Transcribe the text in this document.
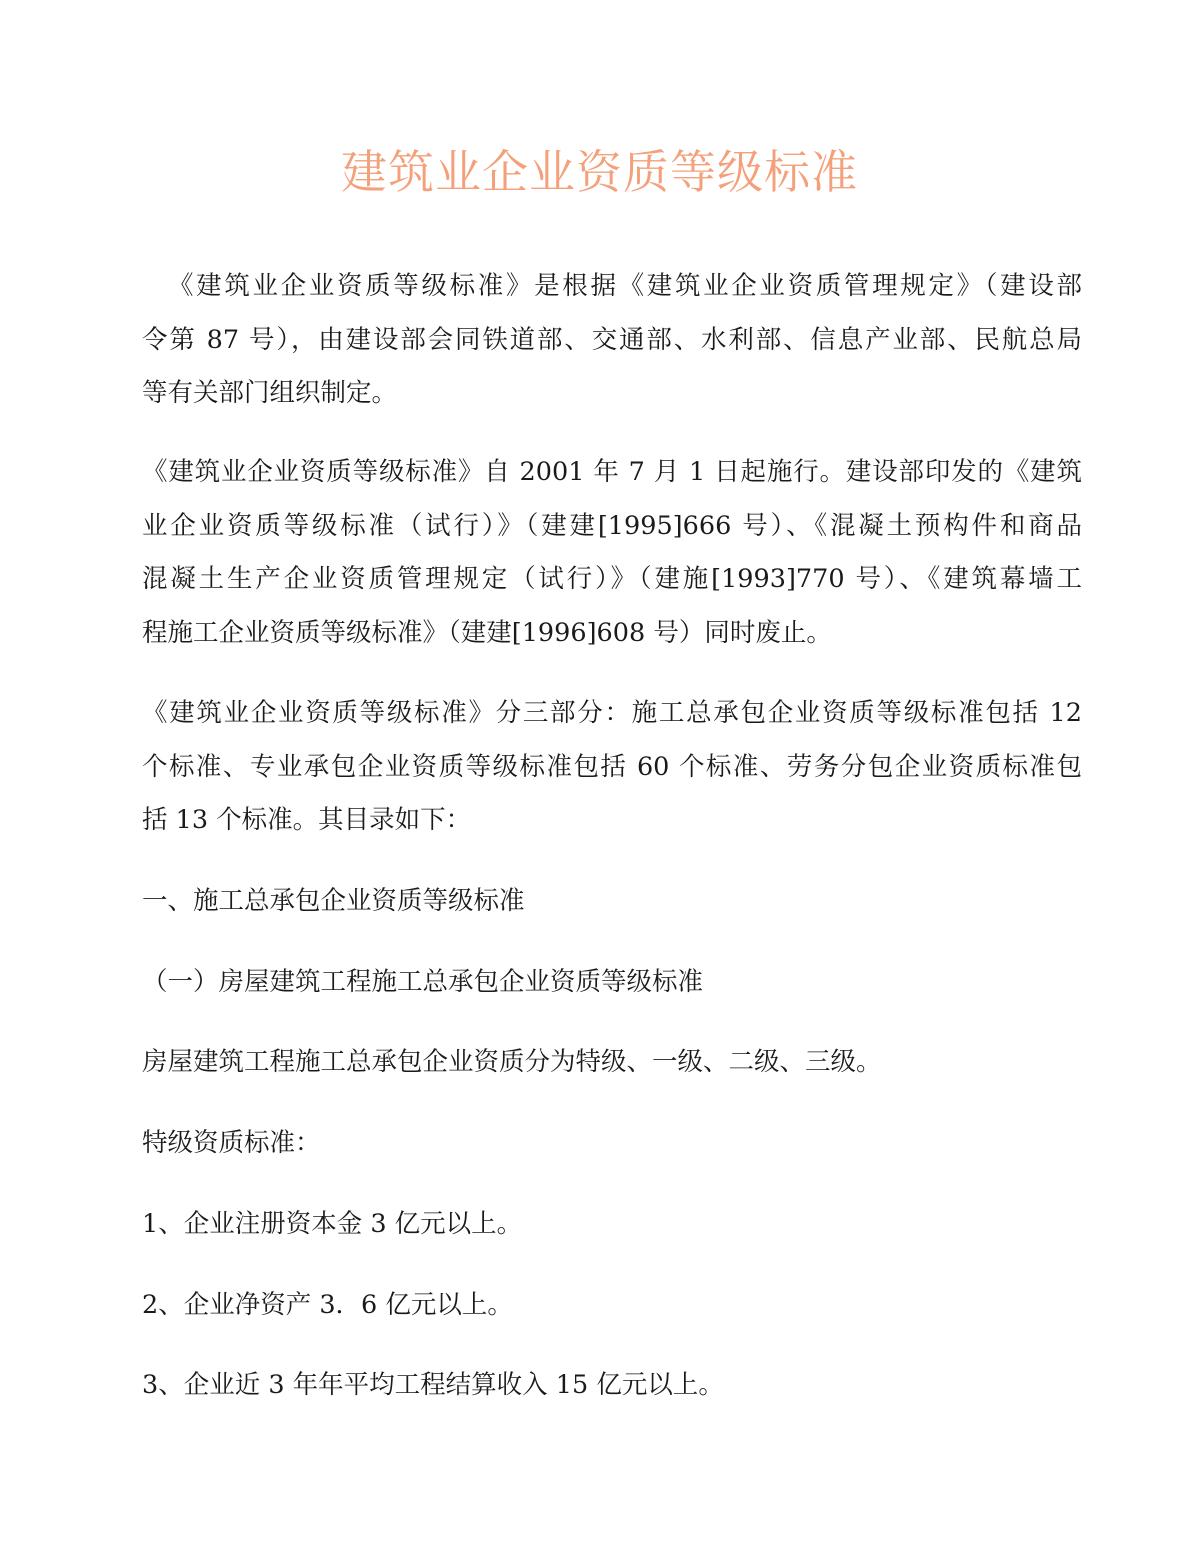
建筑业企业资质等级标准

《建筑业企业资质等级标准》是根据《建筑业企业资质管理规定》（建设部
令第 87 号），由建设部会同铁道部、交通部、水利部、信息产业部、民航总局
等有关部门组织制定。

《建筑业企业资质等级标准》自 2001 年 7 月 1 日起施行。建设部印发的《建筑
业企业资质等级标准（试行）》（建建[1995]666 号）、《混凝土预构件和商品
混凝土生产企业资质管理规定（试行）》（建施[1993]770 号）、《建筑幕墙工
程施工企业资质等级标准》（建建[1996]608 号）同时废止。

《建筑业企业资质等级标准》分三部分：施工总承包企业资质等级标准包括 12
个标准、专业承包企业资质等级标准包括 60 个标准、劳务分包企业资质标准包
括 13 个标准。其目录如下：

一、施工总承包企业资质等级标准

（一）房屋建筑工程施工总承包企业资质等级标准

房屋建筑工程施工总承包企业资质分为特级、一级、二级、三级。

特级资质标准：

1、企业注册资本金 3 亿元以上。

2、企业净资产 3．6 亿元以上。

3、企业近 3 年年平均工程结算收入 15 亿元以上。
